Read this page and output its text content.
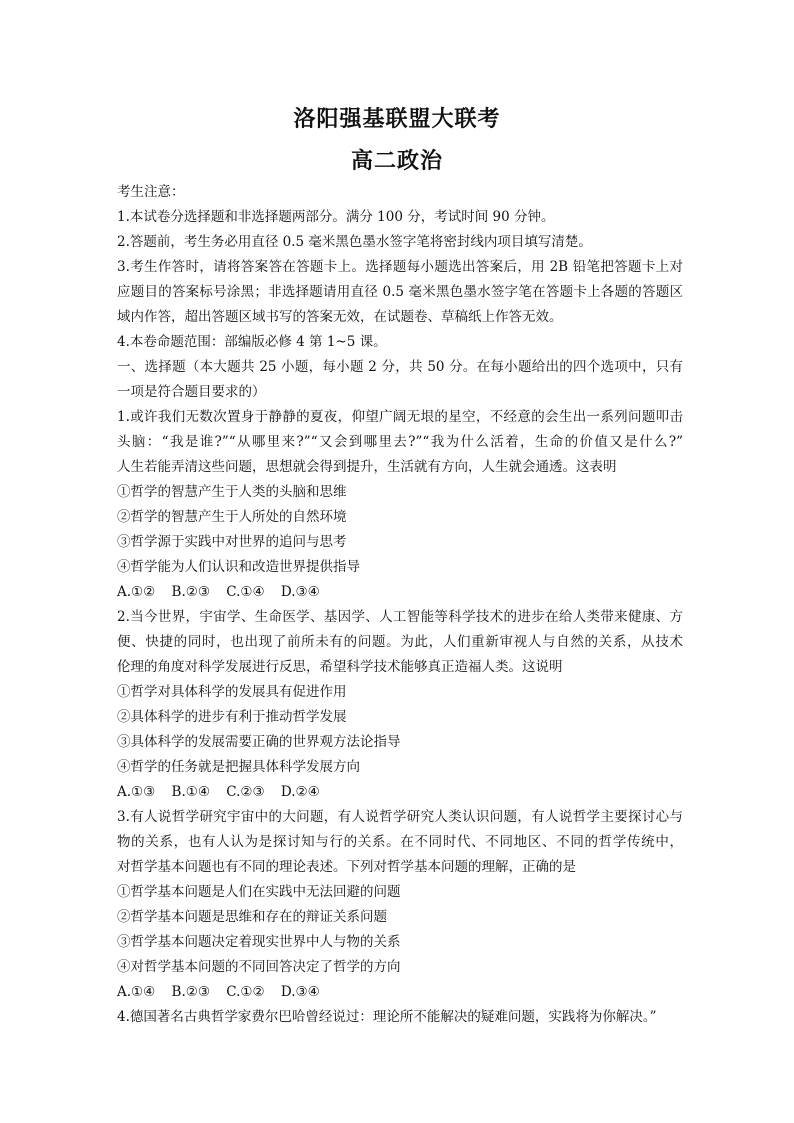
洛阳强基联盟大联考
高二政治
考生注意：
1.本试卷分选择题和非选择题两部分。满分 100 分，考试时间 90 分钟。
2.答题前，考生务必用直径 0.5 毫米黑色墨水签字笔将密封线内项目填写清楚。
3.考生作答时，请将答案答在答题卡上。选择题每小题选出答案后，用 2B 铅笔把答题卡上对
应题目的答案标号涂黑；非选择题请用直径 0.5 毫米黑色墨水签字笔在答题卡上各题的答题区
域内作答，超出答题区域书写的答案无效，在试题卷、草稿纸上作答无效。
4.本卷命题范围：部编版必修 4 第 1~5 课。
一、选择题（本大题共 25 小题，每小题 2 分，共 50 分。在每小题给出的四个选项中，只有
一项是符合题目要求的）
1.或许我们无数次置身于静静的夏夜，仰望广阔无垠的星空，不经意的会生出一系列问题叩击
头脑：“我是谁?”“从哪里来?”“又会到哪里去?”“我为什么活着，生命的价值又是什么?”
人生若能弄清这些问题，思想就会得到提升，生活就有方向，人生就会通透。这表明
①哲学的智慧产生于人类的头脑和思维
②哲学的智慧产生于人所处的自然环境
③哲学源于实践中对世界的追问与思考
④哲学能为人们认识和改造世界提供指导
A.①② B.②③ C.①④ D.③④
2.当今世界，宇宙学、生命医学、基因学、人工智能等科学技术的进步在给人类带来健康、方
便、快捷的同时，也出现了前所未有的问题。为此，人们重新审视人与自然的关系，从技术
伦理的角度对科学发展进行反思，希望科学技术能够真正造福人类。这说明
①哲学对具体科学的发展具有促进作用
②具体科学的进步有利于推动哲学发展
③具体科学的发展需要正确的世界观方法论指导
④哲学的任务就是把握具体科学发展方向
A.①③ B.①④ C.②③ D.②④
3.有人说哲学研究宇宙中的大问题，有人说哲学研究人类认识问题，有人说哲学主要探讨心与
物的关系，也有人认为是探讨知与行的关系。在不同时代、不同地区、不同的哲学传统中，
对哲学基本问题也有不同的理论表述。下列对哲学基本问题的理解，正确的是
①哲学基本问题是人们在实践中无法回避的问题
②哲学基本问题是思维和存在的辩证关系问题
③哲学基本问题决定着现实世界中人与物的关系
④对哲学基本问题的不同回答决定了哲学的方向
A.①④ B.②③ C.①② D.③④
4.德国著名古典哲学家费尔巴哈曾经说过：理论所不能解决的疑难问题，实践将为你解决。”
